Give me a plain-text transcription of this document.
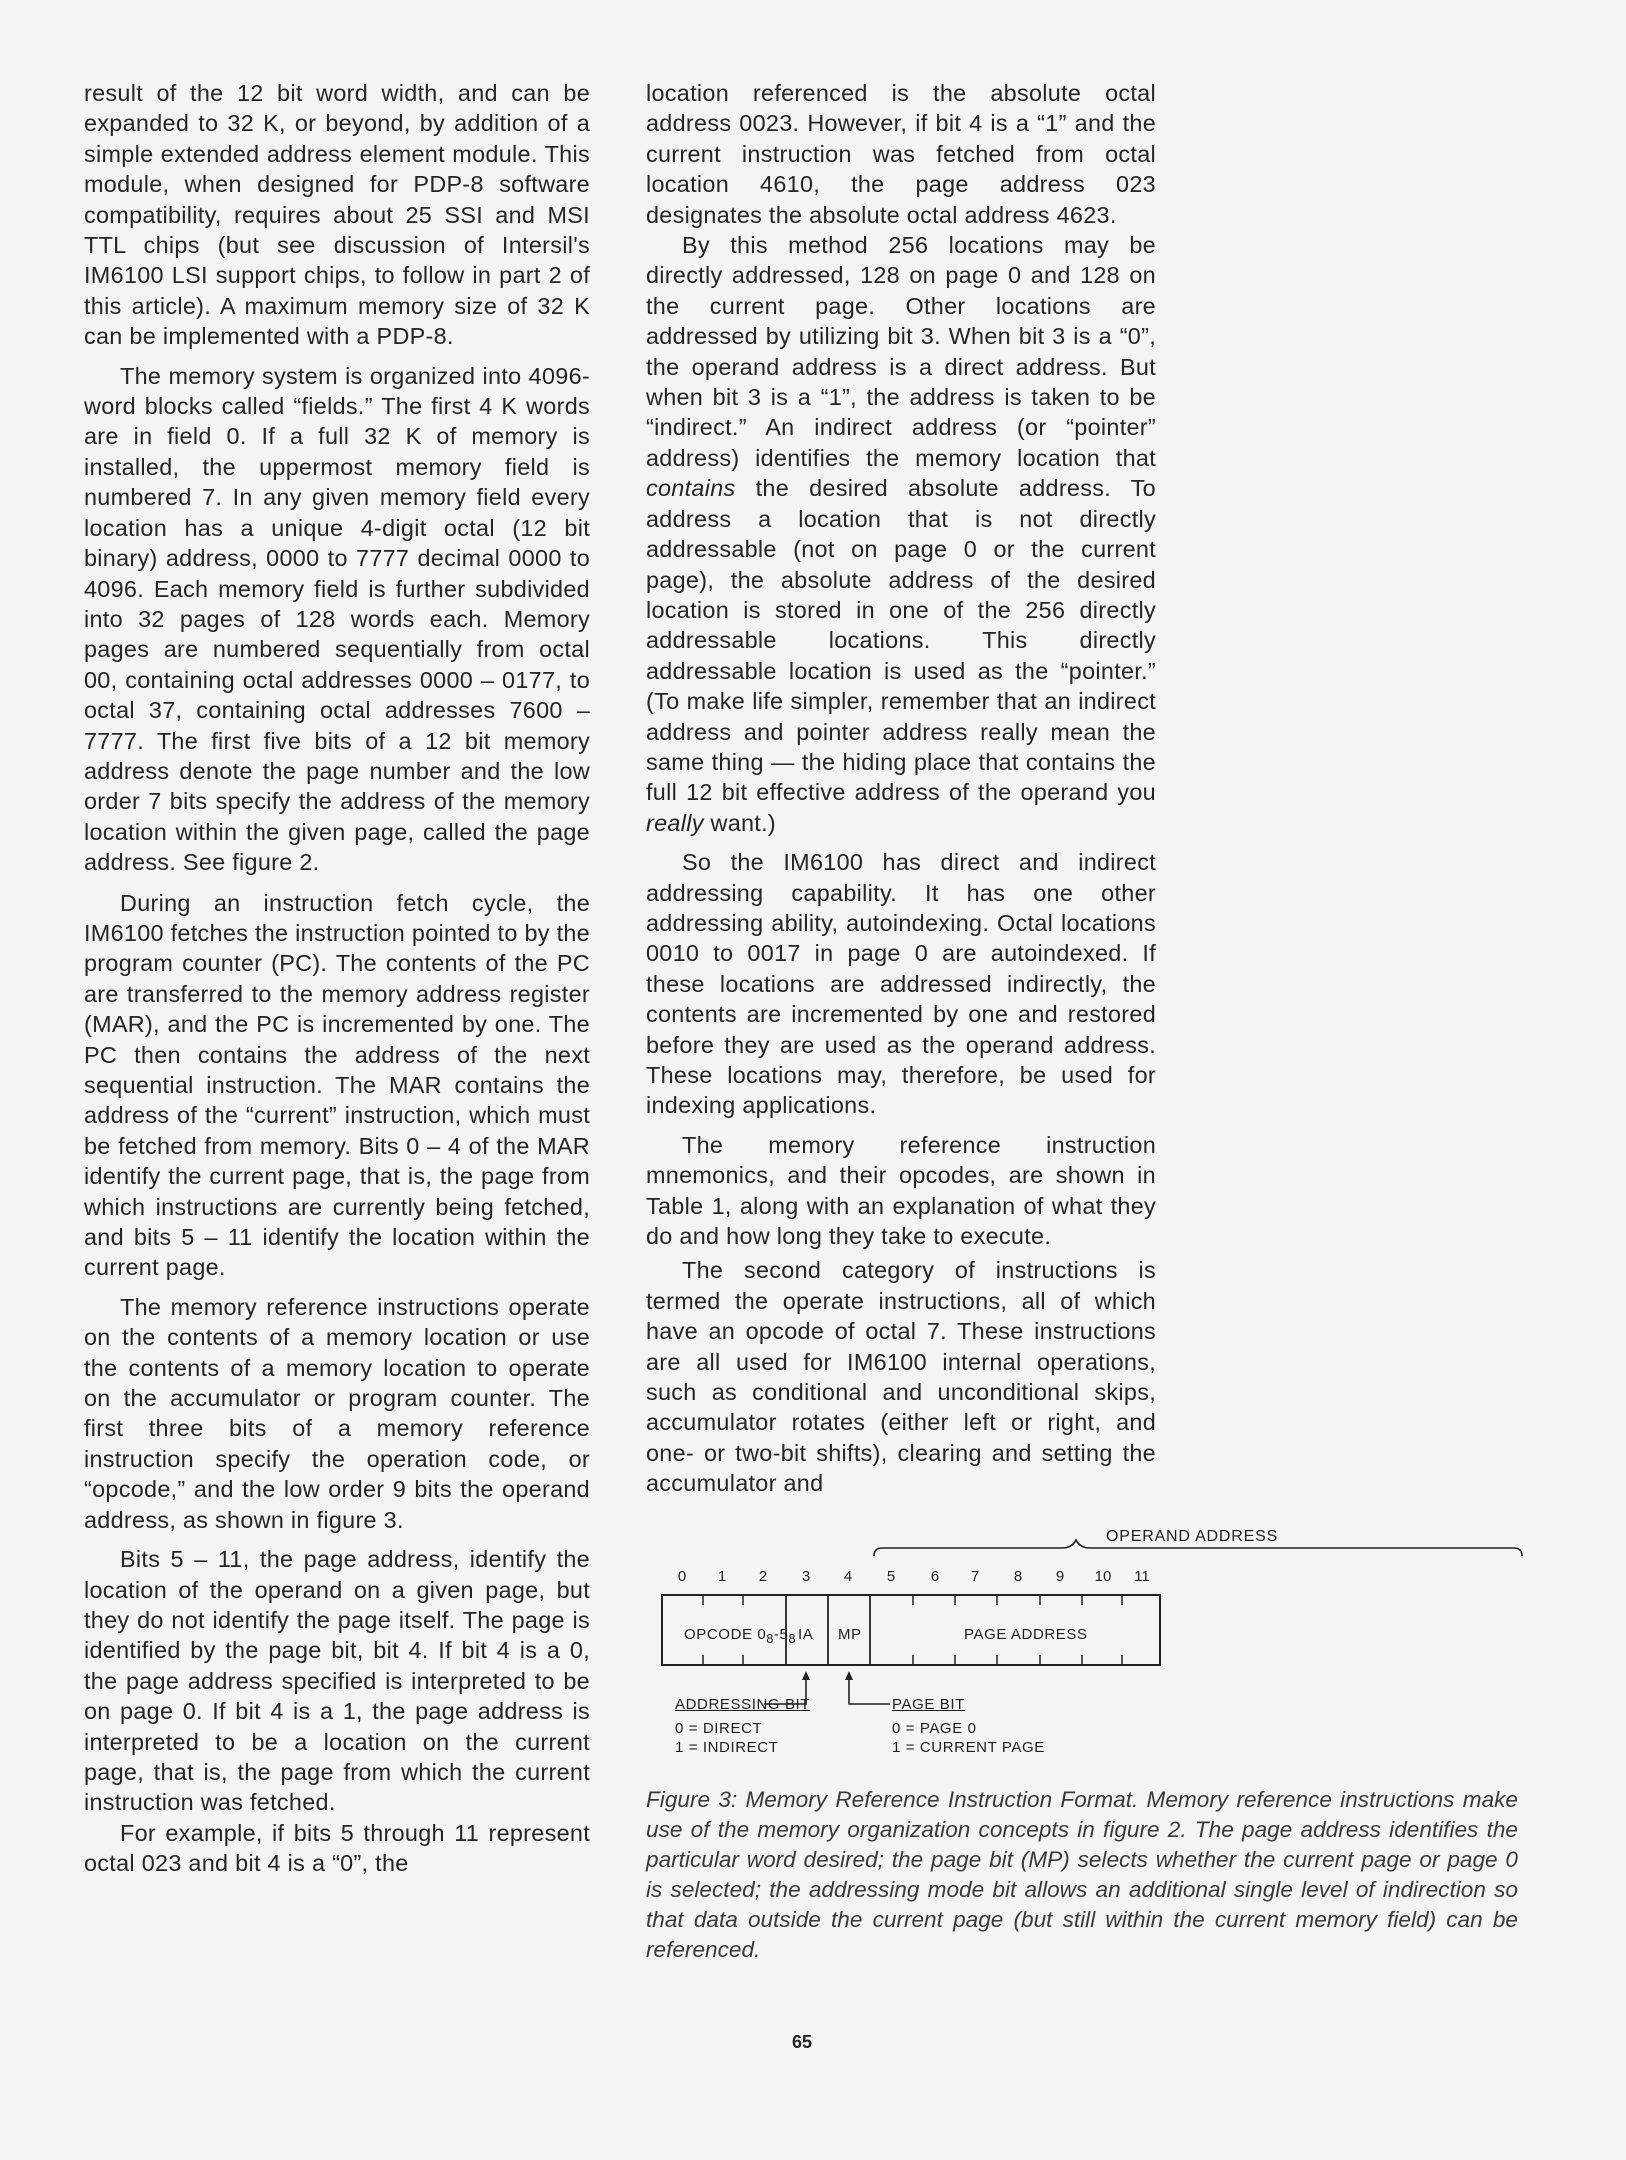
result of the 12 bit word width, and can be expanded to 32 K, or beyond, by addition of a simple extended address element module. This module, when designed for PDP-8 software compatibility, requires about 25 SSI and MSI TTL chips (but see discussion of Intersil's IM6100 LSI support chips, to follow in part 2 of this article). A maximum memory size of 32 K can be implemented with a PDP-8.

The memory system is organized into 4096-word blocks called “fields.” The first 4 K words are in field 0. If a full 32 K of memory is installed, the uppermost memory field is numbered 7. In any given memory field every location has a unique 4-digit octal (12 bit binary) address, 0000 to 7777 decimal 0000 to 4096. Each memory field is further subdivided into 32 pages of 128 words each. Memory pages are numbered sequentially from octal 00, containing octal addresses 0000 – 0177, to octal 37, containing octal addresses 7600 – 7777. The first five bits of a 12 bit memory address denote the page number and the low order 7 bits specify the address of the memory location within the given page, called the page address. See figure 2.

During an instruction fetch cycle, the IM6100 fetches the instruction pointed to by the program counter (PC). The contents of the PC are transferred to the memory address register (MAR), and the PC is incremented by one. The PC then contains the address of the next sequential instruction. The MAR contains the address of the “current” instruction, which must be fetched from memory. Bits 0 – 4 of the MAR identify the current page, that is, the page from which instructions are currently being fetched, and bits 5 – 11 identify the location within the current page.

The memory reference instructions operate on the contents of a memory location or use the contents of a memory location to operate on the accumulator or program counter. The first three bits of a memory reference instruction specify the operation code, or “opcode,” and the low order 9 bits the operand address, as shown in figure 3.

Bits 5 – 11, the page address, identify the location of the operand on a given page, but they do not identify the page itself. The page is identified by the page bit, bit 4. If bit 4 is a 0, the page address specified is interpreted to be on page 0. If bit 4 is a 1, the page address is interpreted to be a location on the current page, that is, the page from which the current instruction was fetched.

For example, if bits 5 through 11 represent octal 023 and bit 4 is a “0”, the

location referenced is the absolute octal address 0023. However, if bit 4 is a “1” and the current instruction was fetched from octal location 4610, the page address 023 designates the absolute octal address 4623.

By this method 256 locations may be directly addressed, 128 on page 0 and 128 on the current page. Other locations are addressed by utilizing bit 3. When bit 3 is a “0”, the operand address is a direct address. But when bit 3 is a “1”, the address is taken to be “indirect.” An indirect address (or “pointer” address) identifies the memory location that contains the desired absolute address. To address a location that is not directly addressable (not on page 0 or the current page), the absolute address of the desired location is stored in one of the 256 directly addressable locations. This directly addressable location is used as the “pointer.” (To make life simpler, remember that an indirect address and pointer address really mean the same thing — the hiding place that contains the full 12 bit effective address of the operand you really want.)

So the IM6100 has direct and indirect addressing capability. It has one other addressing ability, autoindexing. Octal locations 0010 to 0017 in page 0 are autoindexed. If these locations are addressed indirectly, the contents are incremented by one and restored before they are used as the operand address. These locations may, therefore, be used for indexing applications.

The memory reference instruction mnemonics, and their opcodes, are shown in Table 1, along with an explanation of what they do and how long they take to execute.

The second category of instructions is termed the operate instructions, all of which have an opcode of octal 7. These instructions are all used for IM6100 internal operations, such as conditional and unconditional skips, accumulator rotates (either left or right, and one- or two-bit shifts), clearing and setting the accumulator and

OPERAND ADDRESS
0	1	2	3	4	5	6	7	8	9	10	11
OPCODE $0_8-5_8$ IA MP	PAGE ADDRESS
ADDRESSING BIT
0 = DIRECT
1 = INDIRECT
PAGE BIT
0 = PAGE 0
1 = CURRENT PAGE
Figure 3: Memory Reference Instruction Format. Memory reference instructions make use of the memory organization concepts in figure 2. The page address identifies the particular word desired; the page bit (MP) selects whether the current page or page 0 is selected; the addressing mode bit allows an additional single level of indirection so that data outside the current page (but still within the current memory field) can be referenced.
65
